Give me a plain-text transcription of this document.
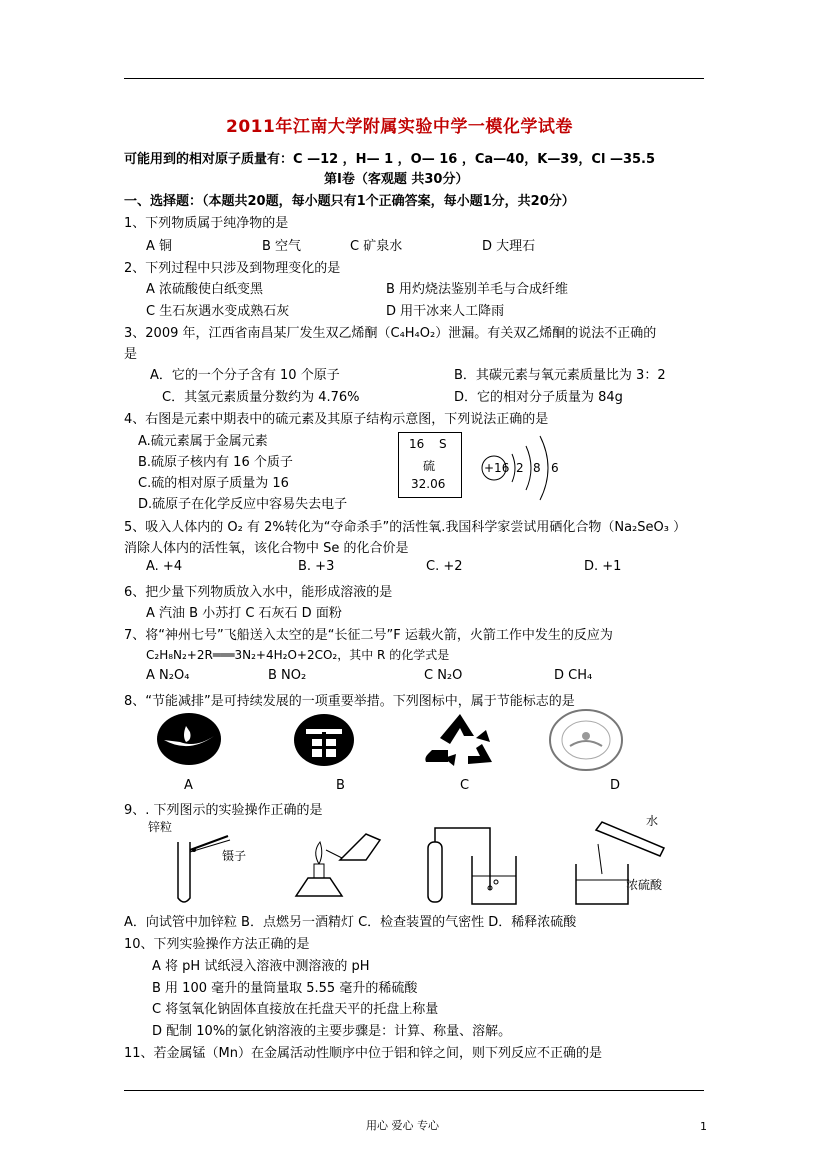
2011年江南大学附属实验中学一模化学试卷
可能用到的相对原子质量有：C —12 ，H— 1 ，O— 16 ，Ca—40，K—39，Cl —35.5
第Ⅰ卷（客观题 共30分）
一、选择题：（本题共20题，每小题只有1个正确答案，每小题1分，共20分）
1、下列物质属于纯净物的是
A 铜	B 空气	C 矿泉水	D 大理石
2、下列过程中只涉及到物理变化的是
A 浓硫酸使白纸变黑	B 用灼烧法鉴别羊毛与合成纤维
C 生石灰遇水变成熟石灰	D 用干冰来人工降雨
3、2009 年，江西省南昌某厂发生双乙烯酮（C₄H₄O₂）泄漏。有关双乙烯酮的说法不正确的
是
A．它的一个分子含有 10 个原子	B．其碳元素与氧元素质量比为 3：2
C．其氢元素质量分数约为 4.76%	D．它的相对分子质量为 84g
4、右图是元素中期表中的硫元素及其原子结构示意图，下列说法正确的是
A.硫元素属于金属元素
B.硫原子核内有 16 个质子
C.硫的相对原子质量为 16
D.硫原子在化学反应中容易失去电子
16 S
硫
32.06
+16 2 8 6
5、吸入人体内的 O₂ 有 2%转化为“夺命杀手”的活性氧.我国科学家尝试用硒化合物（Na₂SeO₃ ）
消除人体内的活性氧，该化合物中 Se 的化合价是
A. +4	B. +3	C. +2	D. +1
6、把少量下列物质放入水中，能形成溶液的是
A 汽油 B 小苏打 C 石灰石 D 面粉
7、将“神州七号”飞船送入太空的是“长征二号”F 运载火箭，火箭工作中发生的反应为
C₂H₈N₂+2R═══3N₂+4H₂O+2CO₂，其中 R 的化学式是
A N₂O₄	B NO₂	C N₂O	D CH₄
8、“节能减排”是可持续发展的一项重要举措。下列图标中，属于节能标志的是
A	B	C	D
9、. 下列图示的实验操作正确的是
锌粒
镊子
水
浓硫酸
A．向试管中加锌粒 B．点燃另一酒精灯 C．检查装置的气密性 D．稀释浓硫酸
10、下列实验操作方法正确的是
A 将 pH 试纸浸入溶液中测溶液的 pH
B 用 100 毫升的量筒量取 5.55 毫升的稀硫酸
C 将氢氧化钠固体直接放在托盘天平的托盘上称量
D 配制 10%的氯化钠溶液的主要步骤是：计算、称量、溶解。
11、若金属锰（Mn）在金属活动性顺序中位于铝和锌之间，则下列反应不正确的是
用心 爱心 专心	1
